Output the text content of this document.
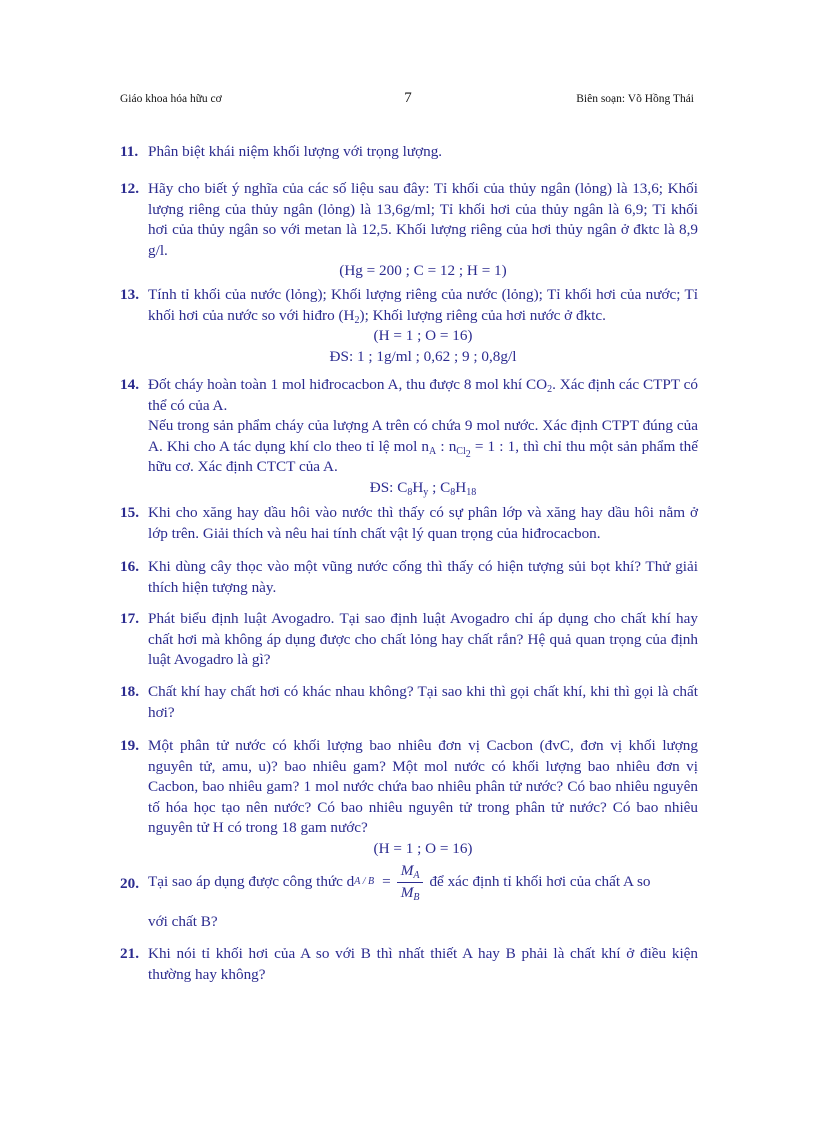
Giáo khoa hóa hữu cơ	7	Biên soạn: Võ Hồng Thái
11. Phân biệt khái niệm khối lượng với trọng lượng.
12. Hãy cho biết ý nghĩa của các số liệu sau đây: Tỉ khối của thủy ngân (lỏng) là 13,6; Khối lượng riêng của thủy ngân (lỏng) là 13,6g/ml; Tỉ khối hơi của thủy ngân là 6,9; Tỉ khối hơi của thủy ngân so với metan là 12,5. Khối lượng riêng của hơi thủy ngân ở đktc là 8,9 g/l.
(Hg = 200 ; C = 12 ; H = 1)
13. Tính tỉ khối của nước (lỏng); Khối lượng riêng của nước (lỏng); Tỉ khối hơi của nước; Tỉ khối hơi của nước so với hiđro $(H_2)$; Khối lượng riêng của hơi nước ở đktc.
(H = 1 ; O = 16)
ĐS: 1 ; 1g/ml ; 0,62 ; 9 ; 0,8g/l
14. Đốt cháy hoàn toàn 1 mol hiđrocacbon A, thu được 8 mol khí $CO_2$. Xác định các CTPT có thể có của A.
Nếu trong sản phẩm cháy của lượng A trên có chứa 9 mol nước. Xác định CTPT đúng của A. Khi cho A tác dụng khí clo theo tỉ lệ mol $n_A$ : $n_{Cl_2} = 1$ : 1, thì chỉ thu một sản phẩm thế hữu cơ. Xác định CTCT của A.
ĐS: $C_8H_y$ ; $C_8H_{18}$
15. Khi cho xăng hay dầu hôi vào nước thì thấy có sự phân lớp và xăng hay dầu hôi nằm ở lớp trên. Giải thích và nêu hai tính chất vật lý quan trọng của hiđrocacbon.
16. Khi dùng cây thọc vào một vũng nước cống thì thấy có hiện tượng sủi bọt khí? Thử giải thích hiện tượng này.
17. Phát biểu định luật Avogadro. Tại sao định luật Avogadro chỉ áp dụng cho chất khí hay chất hơi mà không áp dụng được cho chất lỏng hay chất rắn? Hệ quả quan trọng của định luật Avogadro là gì?
18. Chất khí hay chất hơi có khác nhau không? Tại sao khi thì gọi chất khí, khi thì gọi là chất hơi?
19. Một phân tử nước có khối lượng bao nhiêu đơn vị Cacbon (đvC, đơn vị khối lượng nguyên tử, amu, u)? bao nhiêu gam? Một mol nước có khối lượng bao nhiêu đơn vị Cacbon, bao nhiêu gam? 1 mol nước chứa bao nhiêu phân tử nước? Có bao nhiêu nguyên tố hóa học tạo nên nước? Có bao nhiêu nguyên tử trong phân tử nước? Có bao nhiêu nguyên tử H có trong 18 gam nước?
(H = 1 ; O = 16)
20. Tại sao áp dụng được công thức d $A / B = \frac{M_A}{M_B}$ để xác định tỉ khối hơi của chất A so
với chất B?
21. Khi nói tỉ khối hơi của A so với B thì nhất thiết A hay B phải là chất khí ở điều kiện thường hay không?
